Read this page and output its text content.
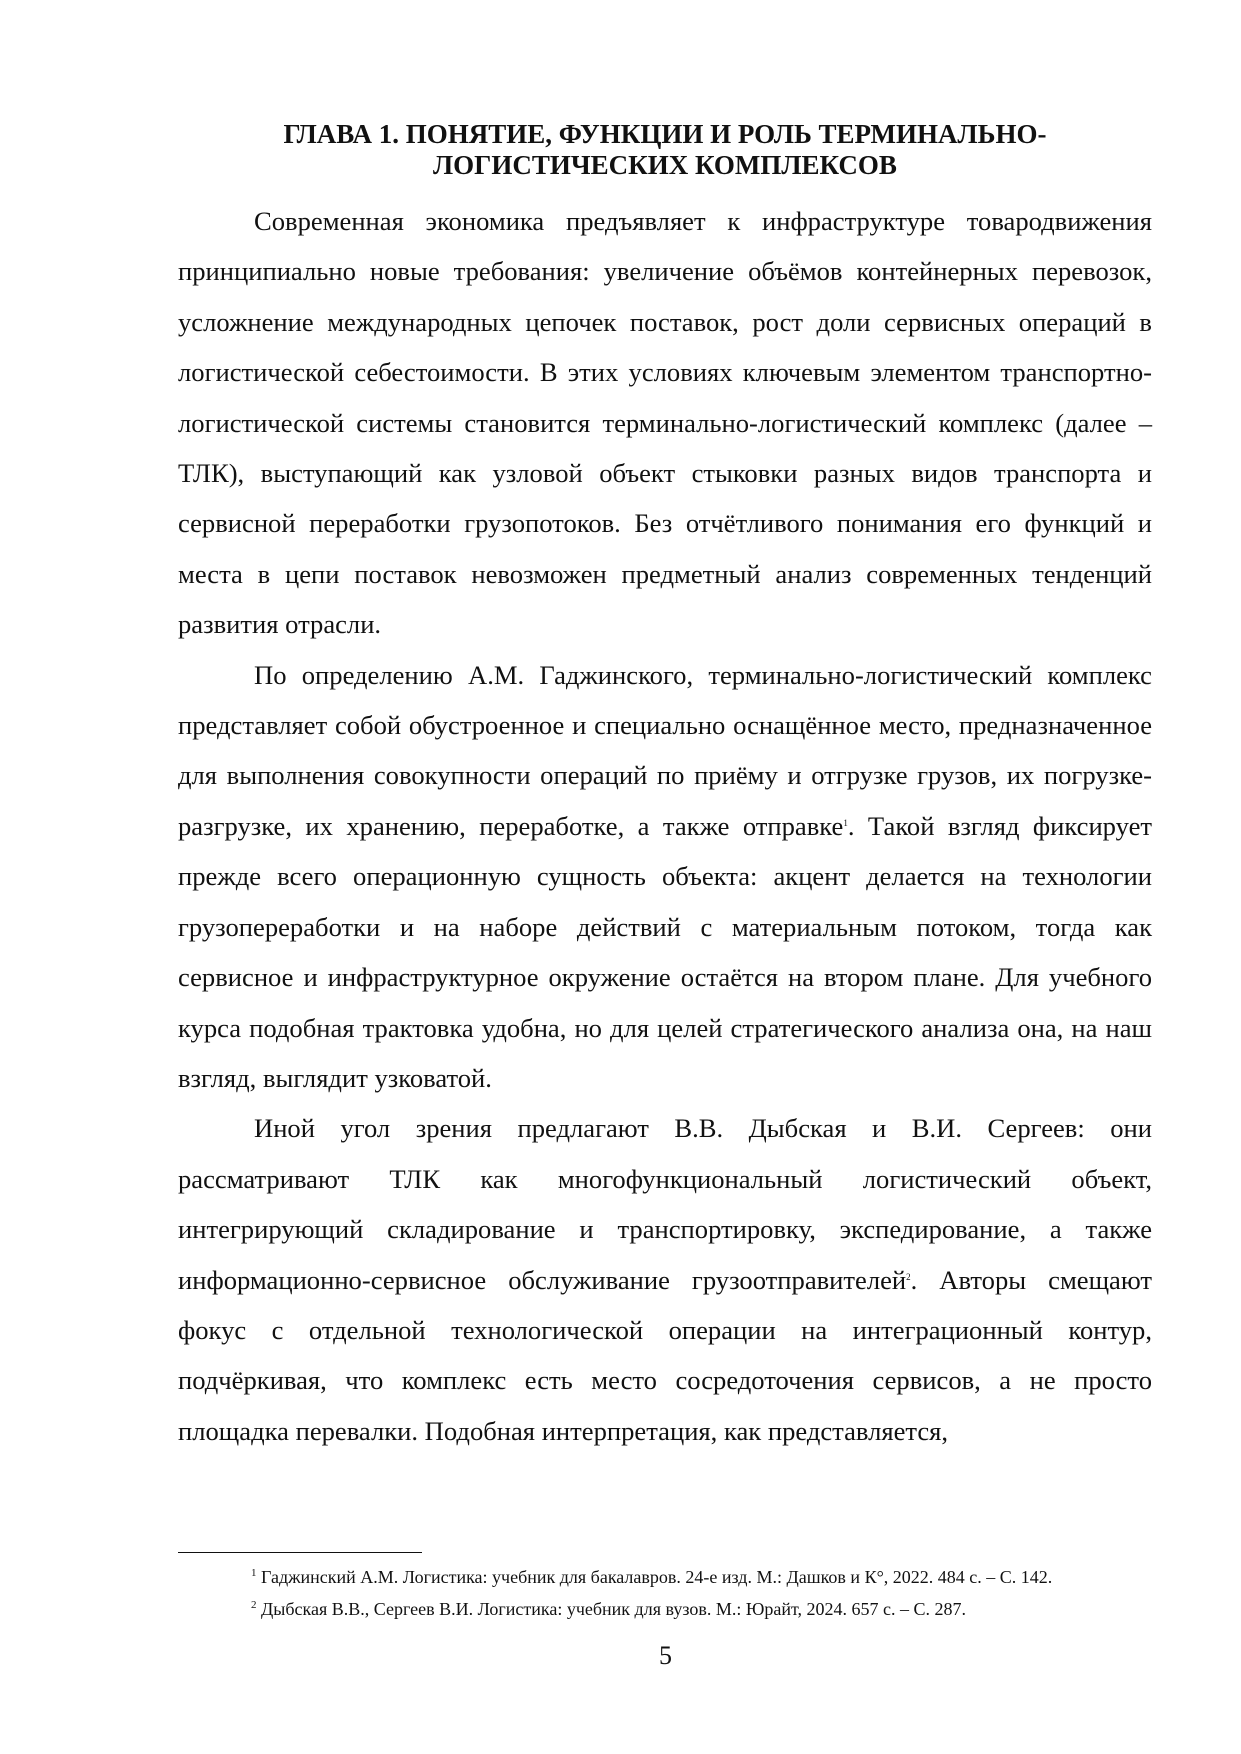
ГЛАВА 1. ПОНЯТИЕ, ФУНКЦИИ И РОЛЬ ТЕРМИНАЛЬНО-
ЛОГИСТИЧЕСКИХ КОМПЛЕКСОВ

Современная экономика предъявляет к инфраструктуре товародвижения принципиально новые требования: увеличение объёмов контейнерных перевозок, усложнение международных цепочек поставок, рост доли сервисных операций в логистической себестоимости. В этих условиях ключевым элементом транспортно-логистической системы становится терминально-логистический комплекс (далее – ТЛК), выступающий как узловой объект стыковки разных видов транспорта и сервисной переработки грузопотоков. Без отчётливого понимания его функций и места в цепи поставок невозможен предметный анализ современных тенденций развития отрасли.

По определению А.М. Гаджинского, терминально-логистический комплекс представляет собой обустроенное и специально оснащённое место, предназначенное для выполнения совокупности операций по приёму и отгрузке грузов, их погрузке-разгрузке, их хранению, переработке, а также отправке$^1$. Такой взгляд фиксирует прежде всего операционную сущность объекта: акцент делается на технологии грузопереработки и на наборе действий с материальным потоком, тогда как сервисное и инфраструктурное окружение остаётся на втором плане. Для учебного курса подобная трактовка удобна, но для целей стратегического анализа она, на наш взгляд, выглядит узковатой.

Иной угол зрения предлагают В.В. Дыбская и В.И. Сергеев: они рассматривают ТЛК как многофункциональный логистический объект, интегрирующий складирование и транспортировку, экспедирование, а также информационно-сервисное обслуживание грузоотправителей$^2$. Авторы смещают фокус с отдельной технологической операции на интеграционный контур, подчёркивая, что комплекс есть место сосредоточения сервисов, а не просто площадка перевалки. Подобная интерпретация, как представляется,

$^1$ Гаджинский А.М. Логистика: учебник для бакалавров. 24-е изд. М.: Дашков и К°, 2022. 484 с. – С. 142.

$^2$ Дыбская В.В., Сергеев В.И. Логистика: учебник для вузов. М.: Юрайт, 2024. 657 с. – С. 287.

5
